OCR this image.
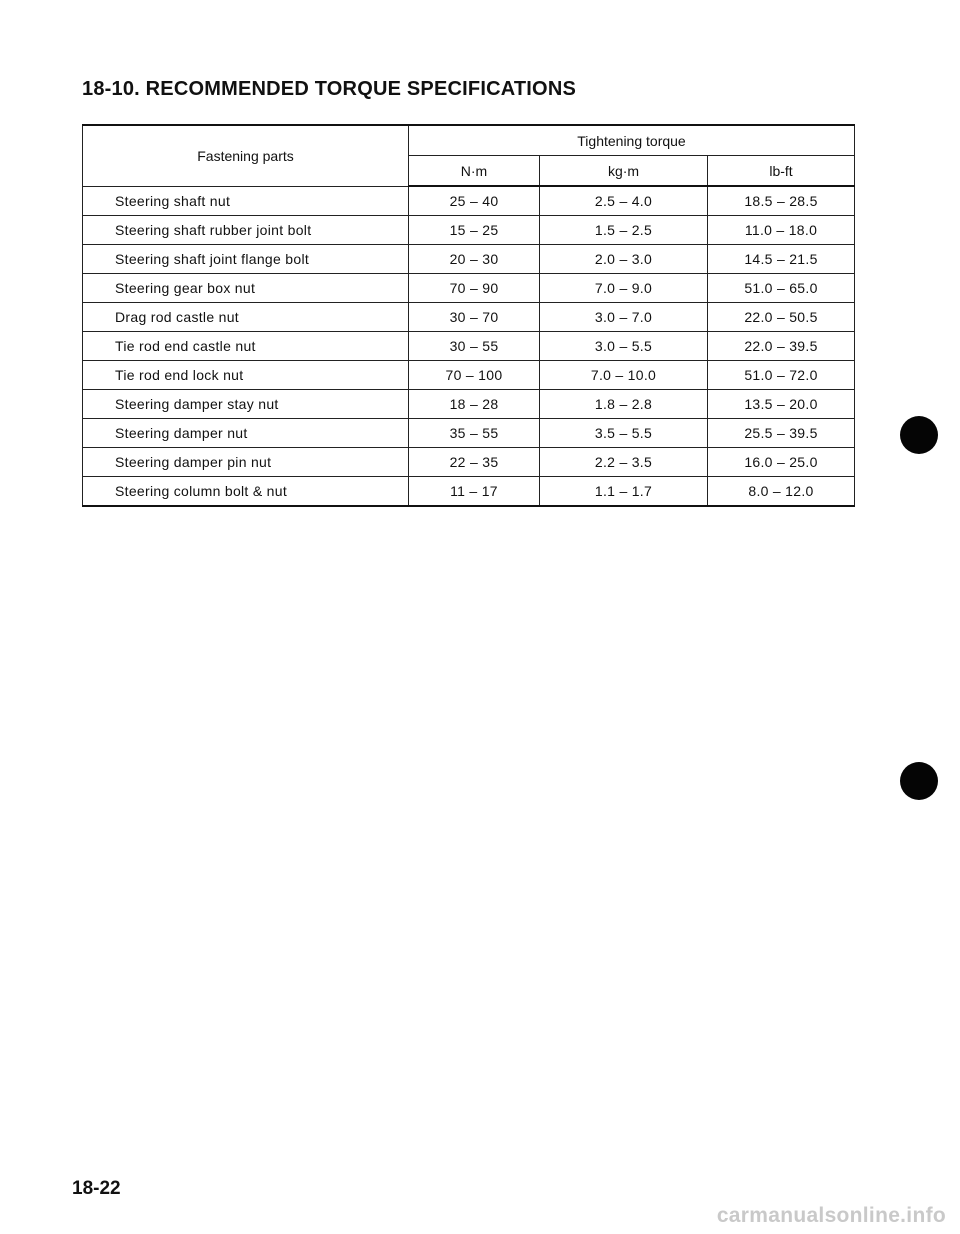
18-10. RECOMMENDED TORQUE SPECIFICATIONS
Fastening parts	Tightening torque		
	N·m	kg·m	lb-ft
Steering shaft nut	25 – 40	2.5 – 4.0	18.5 – 28.5
Steering shaft rubber joint bolt	15 – 25	1.5 – 2.5	11.0 – 18.0
Steering shaft joint flange bolt	20 – 30	2.0 – 3.0	14.5 – 21.5
Steering gear box nut	70 – 90	7.0 – 9.0	51.0 – 65.0
Drag rod castle nut	30 – 70	3.0 – 7.0	22.0 – 50.5
Tie rod end castle nut	30 – 55	3.0 – 5.5	22.0 – 39.5
Tie rod end lock nut	70 – 100	7.0 – 10.0	51.0 – 72.0
Steering damper stay nut	18 – 28	1.8 – 2.8	13.5 – 20.0
Steering damper nut	35 – 55	3.5 – 5.5	25.5 – 39.5
Steering damper pin nut	22 – 35	2.2 – 3.5	16.0 – 25.0
Steering column bolt & nut	11 – 17	1.1 – 1.7	8.0 – 12.0
18-22
carmanualsonline.info
